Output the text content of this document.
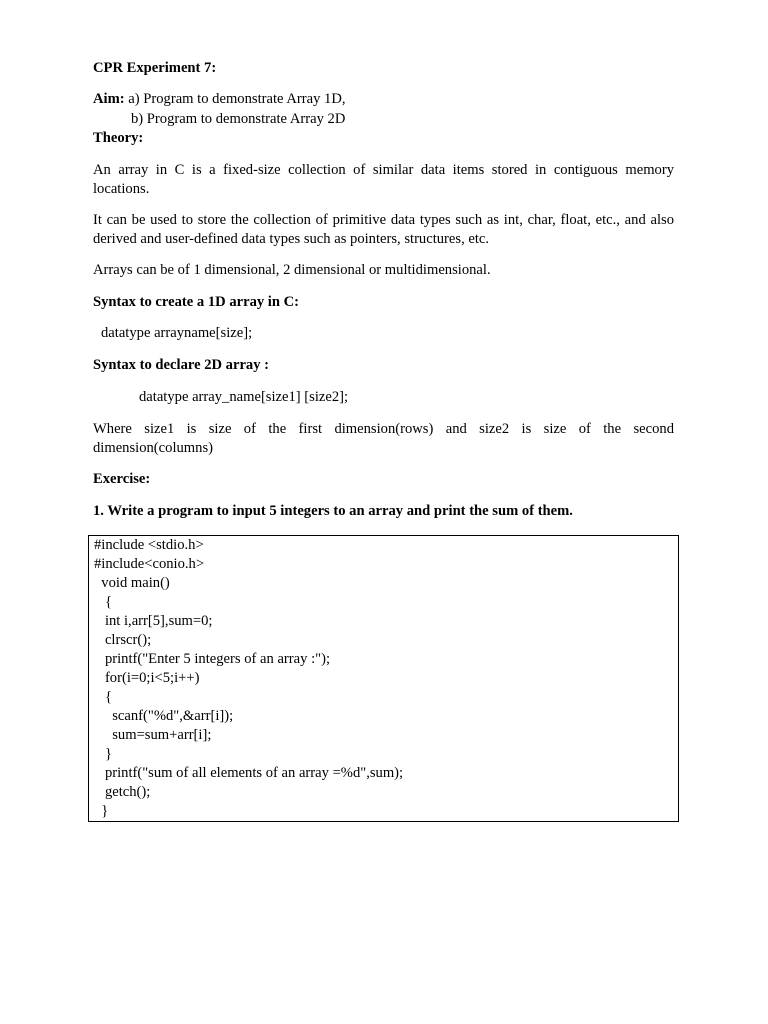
CPR Experiment 7:
Aim: a) Program to demonstrate Array 1D,
b) Program to demonstrate Array 2D
Theory:
An array in C is a fixed-size collection of similar data items stored in contiguous memory locations.
It can be used to store the collection of primitive data types such as int, char, float, etc., and also derived and user-defined data types such as pointers, structures, etc.
Arrays can be of 1 dimensional, 2 dimensional or multidimensional.
Syntax to create a 1D array in C:
datatype arrayname[size];
Syntax to declare 2D array :
datatype array_name[size1] [size2];
Where size1 is size of the first dimension(rows) and size2 is size of the second dimension(columns)
Exercise:
1. Write a program to input 5 integers to an array and print the sum of them.
#include <stdio.h>
#include<conio.h>
void main()
{
int i,arr[5],sum=0;
clrscr();
printf("Enter 5 integers of an array :");
for(i=0;i<5;i++)
{
scanf("%d",&arr[i]);
sum=sum+arr[i];
}
printf("sum of all elements of an array =%d",sum);
getch();
}
